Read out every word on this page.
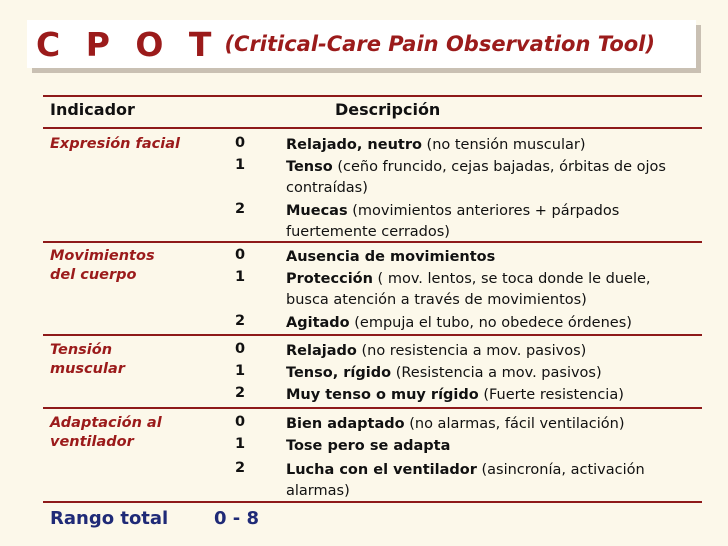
C P O T (Critical-Care Pain Observation Tool)
Indicador	Descripción
Expresión facial	0	Relajado, neutro (no tensión muscular)
1	Tenso (ceño fruncido, cejas bajadas, órbitas de ojos contraídas)
2	Muecas (movimientos anteriores + párpados fuertemente cerrados)
Movimientos del cuerpo
0	Ausencia de movimientos
1	Protección ( mov. lentos, se toca donde le duele, busca atención a través de movimientos)
2	Agitado (empuja el tubo, no obedece órdenes)
Tensión muscular
0	Relajado (no resistencia a mov. pasivos)
1	Tenso, rígido (Resistencia a mov. pasivos)
2	Muy tenso o muy rígido (Fuerte resistencia)
Adaptación al ventilador
0	Bien adaptado (no alarmas, fácil ventilación)
1	Tose pero se adapta
2	Lucha con el ventilador (asincronía, activación alarmas)
Rango total	0 - 8
